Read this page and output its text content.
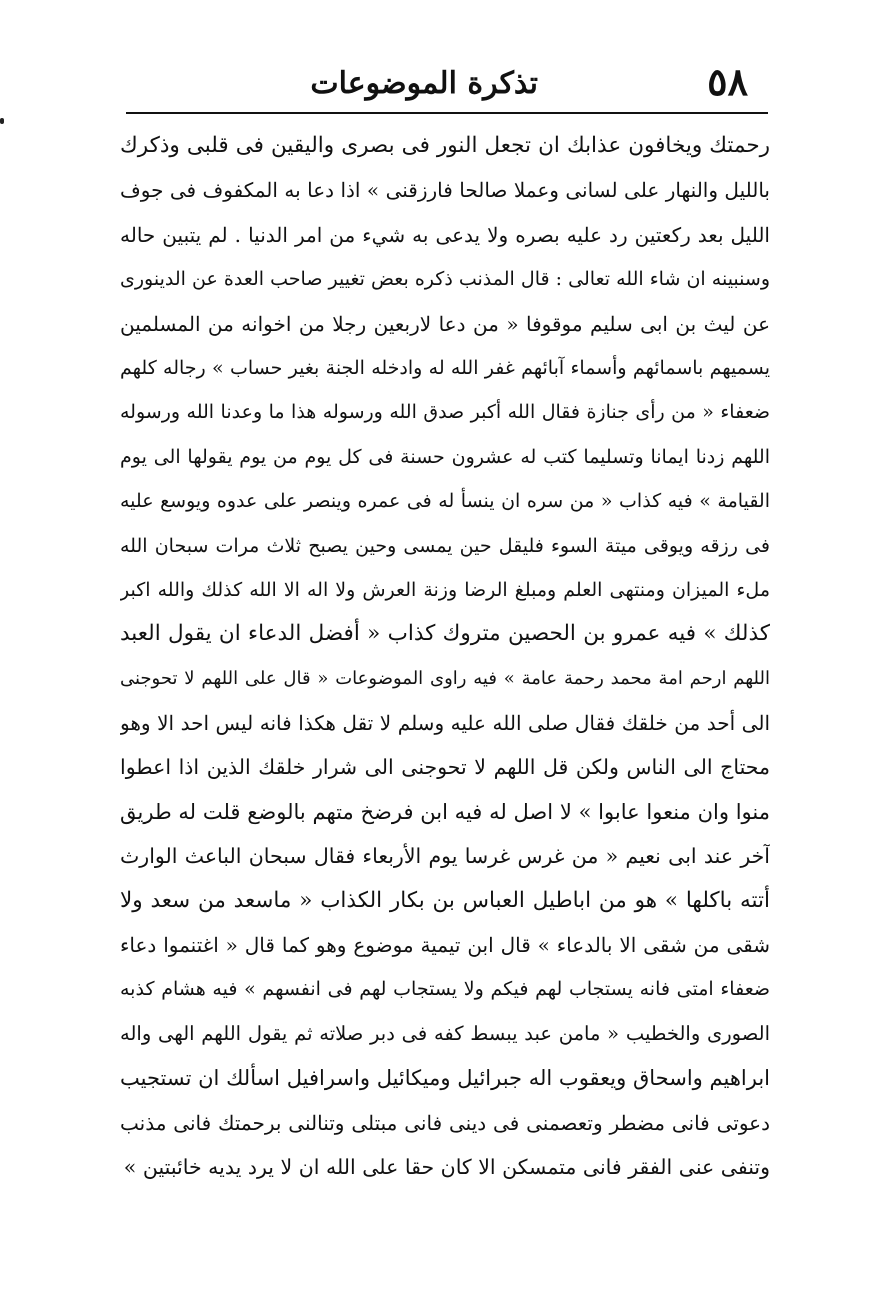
٥٨
تذكرة الموضوعات
رحمتك ويخافون عذابك ان تجعل النور فى بصرى واليقين فى قلبى وذكرك
بالليل والنهار على لسانى وعملا صالحا فارزقنى » اذا دعا به المكفوف فى جوف
الليل بعد ركعتين رد عليه بصره ولا يدعى به شيء من امر الدنيا . لم يتبين حاله
وسنبينه ان شاء الله تعالى : قال المذنب ذكره بعض تغيير صاحب العدة عن الدينورى
عن ليث بن ابى سليم موقوفا « من دعا لاربعين رجلا من اخوانه من المسلمين
يسميهم باسمائهم وأسماء آبائهم غفر الله له وادخله الجنة بغير حساب » رجاله كلهم
ضعفاء « من رأى جنازة فقال الله أكبر صدق الله ورسوله هذا ما وعدنا الله ورسوله
اللهم زدنا ايمانا وتسليما كتب له عشرون حسنة فى كل يوم من يوم يقولها الى يوم
القيامة » فيه كذاب « من سره ان ينسأ له فى عمره وينصر على عدوه ويوسع عليه
فى رزقه ويوقى ميتة السوء فليقل حين يمسى وحين يصبح ثلاث مرات سبحان الله
ملء الميزان ومنتهى العلم ومبلغ الرضا وزنة العرش ولا اله الا الله كذلك والله اكبر
كذلك » فيه عمرو بن الحصين متروك كذاب « أفضل الدعاء ان يقول العبد
اللهم ارحم امة محمد رحمة عامة » فيه راوى الموضوعات « قال على اللهم لا تحوجنى
الى أحد من خلقك فقال صلى الله عليه وسلم لا تقل هكذا فانه ليس احد الا وهو
محتاج الى الناس ولكن قل اللهم لا تحوجنى الى شرار خلقك الذين اذا اعطوا
منوا وان منعوا عابوا » لا اصل له فيه ابن فرضخ متهم بالوضع قلت له طريق
آخر عند ابى نعيم « من غرس غرسا يوم الأربعاء فقال سبحان الباعث الوارث
أتته باكلها » هو من اباطيل العباس بن بكار الكذاب « ماسعد من سعد ولا
شقى من شقى الا بالدعاء » قال ابن تيمية موضوع وهو كما قال « اغتنموا دعاء
ضعفاء امتى فانه يستجاب لهم فيكم ولا يستجاب لهم فى انفسهم » فيه هشام كذبه
الصورى والخطيب « مامن عبد يبسط كفه فى دبر صلاته ثم يقول اللهم الهى واله
ابراهيم واسحاق ويعقوب اله جبرائيل وميكائيل واسرافيل اسألك ان تستجيب
دعوتى فانى مضطر وتعصمنى فى دينى فانى مبتلى وتنالنى برحمتك فانى مذنب
وتنفى عنى الفقر فانى متمسكن الا كان حقا على الله ان لا يرد يديه خائبتين »
